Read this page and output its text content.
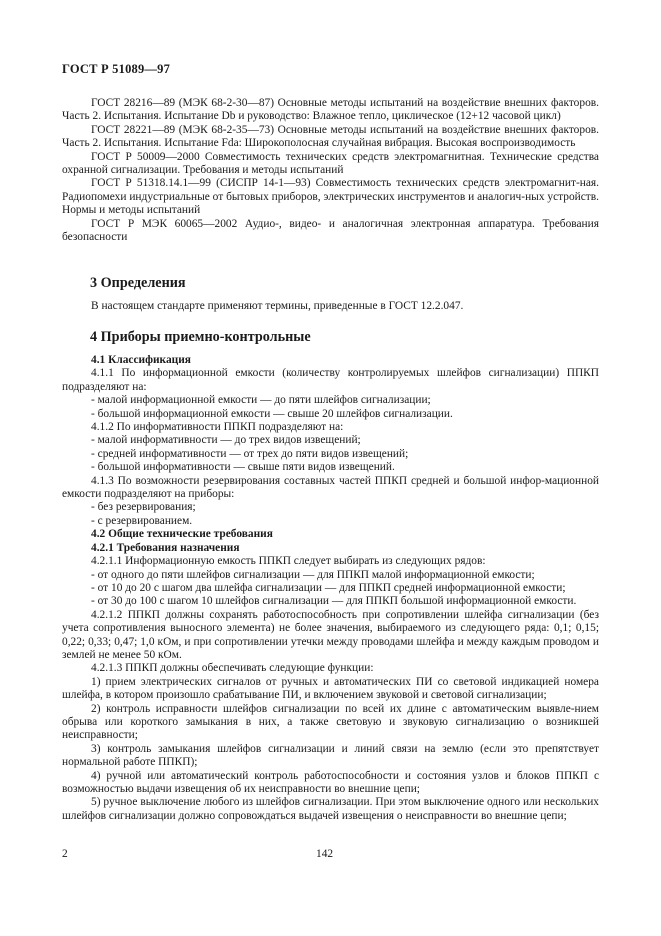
ГОСТ Р 51089—97

ГОСТ 28216—89 (МЭК 68-2-30—87) Основные методы испытаний на воздействие внешних факторов. Часть 2. Испытания. Испытание Db и руководство: Влажное тепло, циклическое (12+12 часовой цикл)

ГОСТ 28221—89 (МЭК 68-2-35—73) Основные методы испытаний на воздействие внешних факторов. Часть 2. Испытания. Испытание Fda: Широкополосная случайная вибрация. Высокая воспроизводимость

ГОСТ Р 50009—2000 Совместимость технических средств электромагнитная. Технические средства охранной сигнализации. Требования и методы испытаний

ГОСТ Р 51318.14.1—99 (СИСПР 14-1—93) Совместимость технических средств электромагнит-ная. Радиопомехи индустриальные от бытовых приборов, электрических инструментов и аналогич-ных устройств. Нормы и методы испытаний

ГОСТ Р МЭК 60065—2002 Аудио-, видео- и аналогичная электронная аппаратура. Требования безопасности

3 Определения

В настоящем стандарте применяют термины, приведенные в ГОСТ 12.2.047.

4 Приборы приемно-контрольные

4.1 Классификация

4.1.1 По информационной емкости (количеству контролируемых шлейфов сигнализации) ППКП подразделяют на:

- малой информационной емкости — до пяти шлейфов сигнализации;

- большой информационной емкости — свыше 20 шлейфов сигнализации.

4.1.2 По информативности ППКП подразделяют на:

- малой информативности — до трех видов извещений;

- средней информативности — от трех до пяти видов извещений;

- большой информативности — свыше пяти видов извещений.

4.1.3 По возможности резервирования составных частей ППКП средней и большой инфор-мационной емкости подразделяют на приборы:

- без резервирования;

- с резервированием.

4.2 Общие технические требования

4.2.1 Требования назначения

4.2.1.1 Информационную емкость ППКП следует выбирать из следующих рядов:

- от одного до пяти шлейфов сигнализации — для ППКП малой информационной емкости;

- от 10 до 20 с шагом два шлейфа сигнализации — для ППКП средней информационной емкости;

- от 30 до 100 с шагом 10 шлейфов сигнализации — для ППКП большой информационной емкости.

4.2.1.2 ППКП должны сохранять работоспособность при сопротивлении шлейфа сигнализации (без учета сопротивления выносного элемента) не более значения, выбираемого из следующего ряда: 0,1; 0,15; 0,22; 0,33; 0,47; 1,0 кОм, и при сопротивлении утечки между проводами шлейфа и между каждым проводом и землей не менее 50 кОм.

4.2.1.3 ППКП должны обеспечивать следующие функции:

1) прием электрических сигналов от ручных и автоматических ПИ со световой индикацией номера шлейфа, в котором произошло срабатывание ПИ, и включением звуковой и световой сигнализации;

2) контроль исправности шлейфов сигнализации по всей их длине с автоматическим выявле-нием обрыва или короткого замыкания в них, а также световую и звуковую сигнализацию о возникшей неисправности;

3) контроль замыкания шлейфов сигнализации и линий связи на землю (если это препятствует нормальной работе ППКП);

4) ручной или автоматический контроль работоспособности и состояния узлов и блоков ППКП с возможностью выдачи извещения об их неисправности во внешние цепи;

5) ручное выключение любого из шлейфов сигнализации. При этом выключение одного или нескольких шлейфов сигнализации должно сопровождаться выдачей извещения о неисправности во внешние цепи;

2	142
